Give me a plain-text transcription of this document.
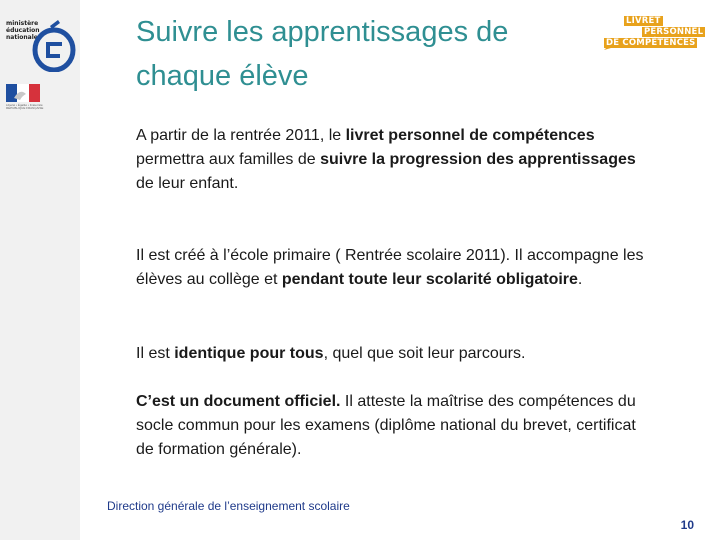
ministère
éducation
nationale
Liberté • Égalité • Fraternité RÉPUBLIQUE FRANÇAISE
Suivre les apprentissages de
chaque élève
LIVRET
PERSONNEL
DE COMPÉTENCES

A partir de la rentrée 2011, le livret personnel de compétences permettra aux familles de suivre la progression des apprentissages de leur enfant.

Il est créé à l’école primaire ( Rentrée scolaire 2011). Il accompagne les élèves au collège et pendant toute leur scolarité obligatoire.

Il est identique pour tous, quel que soit leur parcours.

C’est un document officiel. Il atteste la maîtrise des compétences du socle commun pour les examens (diplôme national du brevet, certificat de formation générale).

Direction générale de l’enseignement scolaire
10
